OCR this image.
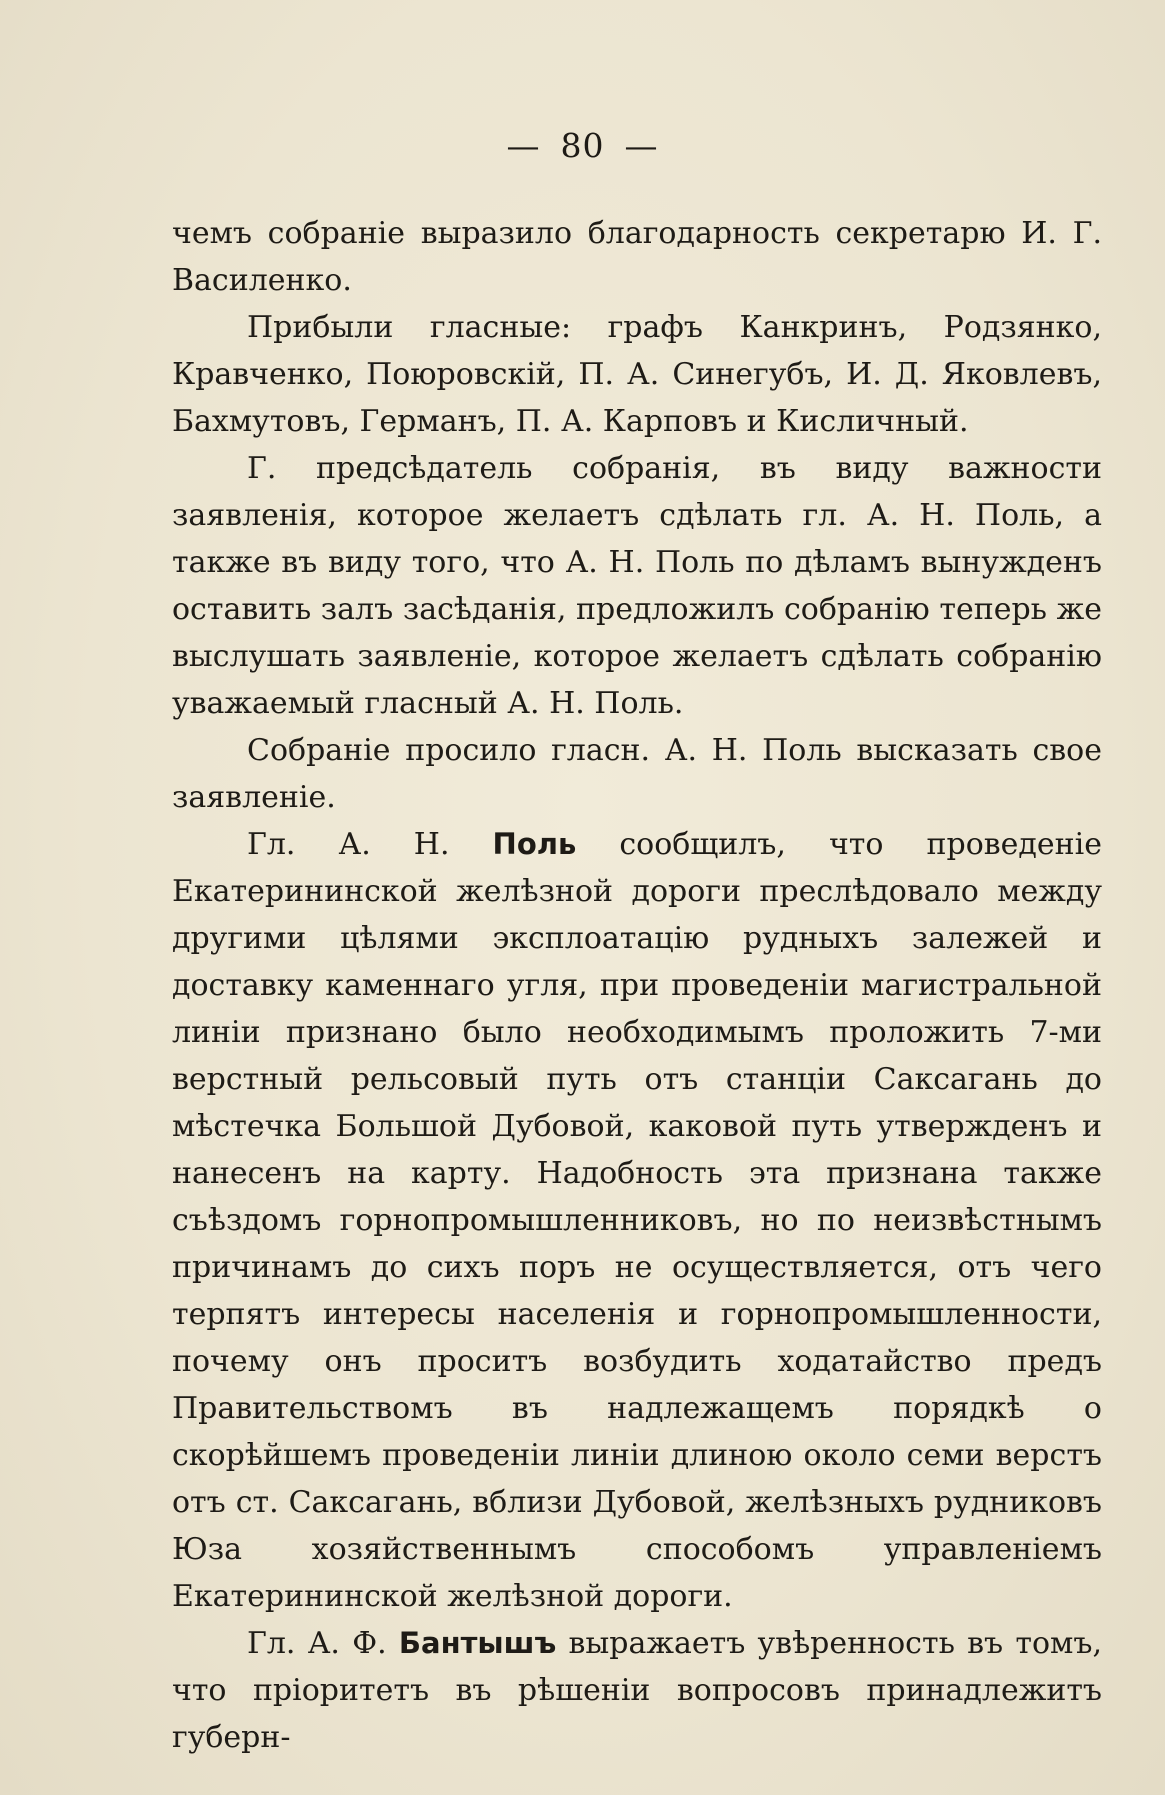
— 80 —

чемъ собраніе выразило благодарность секретарю И. Г. Василенко.

Прибыли гласные: графъ Канкринъ, Родзянко, Кравченко, Поюровскій, П. А. Синегубъ, И. Д. Яковлевъ, Бахмутовъ, Германъ, П. А. Карповъ и Кисличный.

Г. предсѣдатель собранія, въ виду важности заявленія, которое желаетъ сдѣлать гл. А. Н. Поль, а также въ виду того, что А. Н. Поль по дѣламъ вынужденъ оставить залъ засѣданія, предложилъ собранію теперь же выслушать заявленіе, которое желаетъ сдѣлать собранію уважаемый гласный А. Н. Поль.

Собраніе просило гласн. А. Н. Поль высказать свое заявленіе.

Гл. А. Н. Поль сообщилъ, что проведеніе Екатерининской желѣзной дороги преслѣдовало между другими цѣлями эксплоатацію рудныхъ залежей и доставку каменнаго угля, при проведеніи магистральной линіи признано было необходимымъ проложить 7-ми верстный рельсовый путь отъ станціи Саксагань до мѣстечка Большой Дубовой, каковой путь утвержденъ и нанесенъ на карту. Надобность эта признана также съѣздомъ горнопромышленниковъ, но по неизвѣстнымъ причинамъ до сихъ поръ не осуществляется, отъ чего терпятъ интересы населенія и горнопромышленности, почему онъ проситъ возбудить ходатайство предъ Правительствомъ въ надлежащемъ порядкѣ о скорѣйшемъ проведеніи линіи длиною около семи верстъ отъ ст. Саксагань, вблизи Дубовой, желѣзныхъ рудниковъ Юза хозяйственнымъ способомъ управленіемъ Екатерининской желѣзной дороги.

Гл. А. Ф. Бантышъ выражаетъ увѣренность въ томъ, что пріоритетъ въ рѣшеніи вопросовъ принадлежитъ губерн-
